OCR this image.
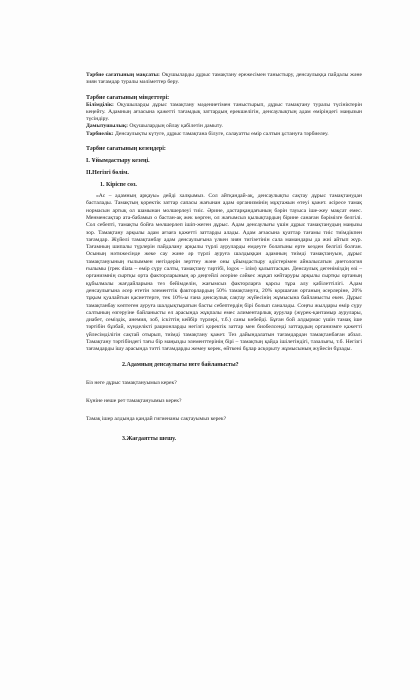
Тәрбие сағатының мақсаты: Оқушыларды дұрыс тамақтану ережесімен таныстыру, денсаулыққа пайдалы және зиян тағамдар туралы мәліметтер беру.

Тәрбие сағатының міндеттері:

Білімділік: Оқушыларды дұрыс тамақтану мәдениетімен таныстырып, дұрыс тамақтану туралы түсініктерін кеңейту. Адамның ағзасына қажетті тағамдық заттардың ерекшелігін, денсаулықтың адам өміріндегі маңызын түсіндіру.

Дамытушылық: Оқушылардың ойлау қабілетін дамыту.

Тәрбиелік: Денсаулықты күтуге, дұрыс тамақтана білуге, салауатты өмір салтын ұстануға тәрбиелеу.

Тәрбие сағатының кезеңдері:

І. Ұйымдастыру кезеңі.

ІІ.Негізгі бөлім.

1. Кіріспе сөз.

«Ас – адамның арқауы» дейді халқымыз. Сол айтқандай-ақ, денсаулықты сақтау дұрыс тамақтанудан басталады. Тамақтың қоректік заттар сапасы жағынан адам организмінің мұқтажын өтеуі қажет. әсіресе тамақ нормасын артық ол шамынан молшерлеуі тиіс. Әрине, дастарқандағының бәрін тауыса іше-жеу мақсат емес. Менменсақтар ата-бабамыз о бастан-ақ жек көрген, ол жағымсыз қылықтардың бірине санаған бәрімізге белгілі. Сол себепті, тамақты бойға мөлшерлеп ішіп-жеген дұрыс. Адам денсаулығы үшін дұрыс тамақтанудың маңызы зор. Тамақтану арқылы адам ағзаға қажетті заттарды алады. Адам ағзасына қуаттар тағамы тиіс тиімдікпен тағамдар. Жүйелі тамақтанбау адам денсаулығына үлкен зиян тигізетінін сала мамандары да жиі айтып жүр. Тағамның шипалы түрлерін пайдалану арқылы түрлі ауруларды емдеуге болатыны ерте кезден белгілі болған. Осының нәтижесінде жеке сау және әр түрлі ауруға шалдыққан адамның тиімді тамақтануын, дұрыс тамақтануының ғылыммен негіздерін зерттеу және оны ұйымдастыру әдістерімен айналысатын диетология ғылымы (грек diata – өмір сүру салты, тамақтану тәртібі, logos – ілім) қалыптасқан. Денсаулық дегеніміздің өзі – организмнің сыртқы орта факторларының әр деңгейлі әсеріне сәйкес жұқап кейтаруры арқылы сыртқы ортаның құбылмалы жағдайларына тез бейімделін, жағымсыз факторларға қарсы тұра алу қабілеттілігі. Адам денсаулығына әсер ететін элементтік факторлардың 50% тамақтануға, 20% қоршаған ортаның әсерлеріне, 20% тұқым қуалайтын қасиеттерге, тек 10%-ы ғана денсаулық сақтау жүйесінің жұмысына байланысты екен. Дұрыс тамақтанбау көптеген ауруға шалдықтыратын басты себептердің бірі болып саналады. Соңғы жылдары өмір сүру салтының өзгеруіне байланысты ел арасында жұқпалы емес алиментарлық аурулар (жүрек-қантамыр аурулары, диабет, семіздік, анемия, зоб, іскіттің кейбір түрлері, т.б.) саны көбейді. Бұған бой алдырмас үшін тамақ іше тәртібін бұзбай, күнделікті рационларды негізгі қоректік заттар мен биобелсенді заттардың организмге қажетті үйлесімділігін сақтай отырып, тиімді тамақтану қажет. Тез дайындалатын тағамдардан тамақтанбаған абзал. Тамақтану тәртібіндегі тағы бір маңызды элементтерінің бірі – тамақтың қайда ішілетіндігі, тазалығы, т.б. Негізгі тағамдарды ішу арасында тәтті тағамдарды жемеу керек, өйткені бұлар асқорыту жұмысының жүйесін бұзады.

2.Адамның денсаулығы неге байланысты?

Біз неге дұрыс тамақтануымыз керек?

Күніне неше рет тамақтануымыз керек?

Тамақ ішер алдында қандай гигиенаны сақтауымыз керек?

3.Жағдаятты шешу.
